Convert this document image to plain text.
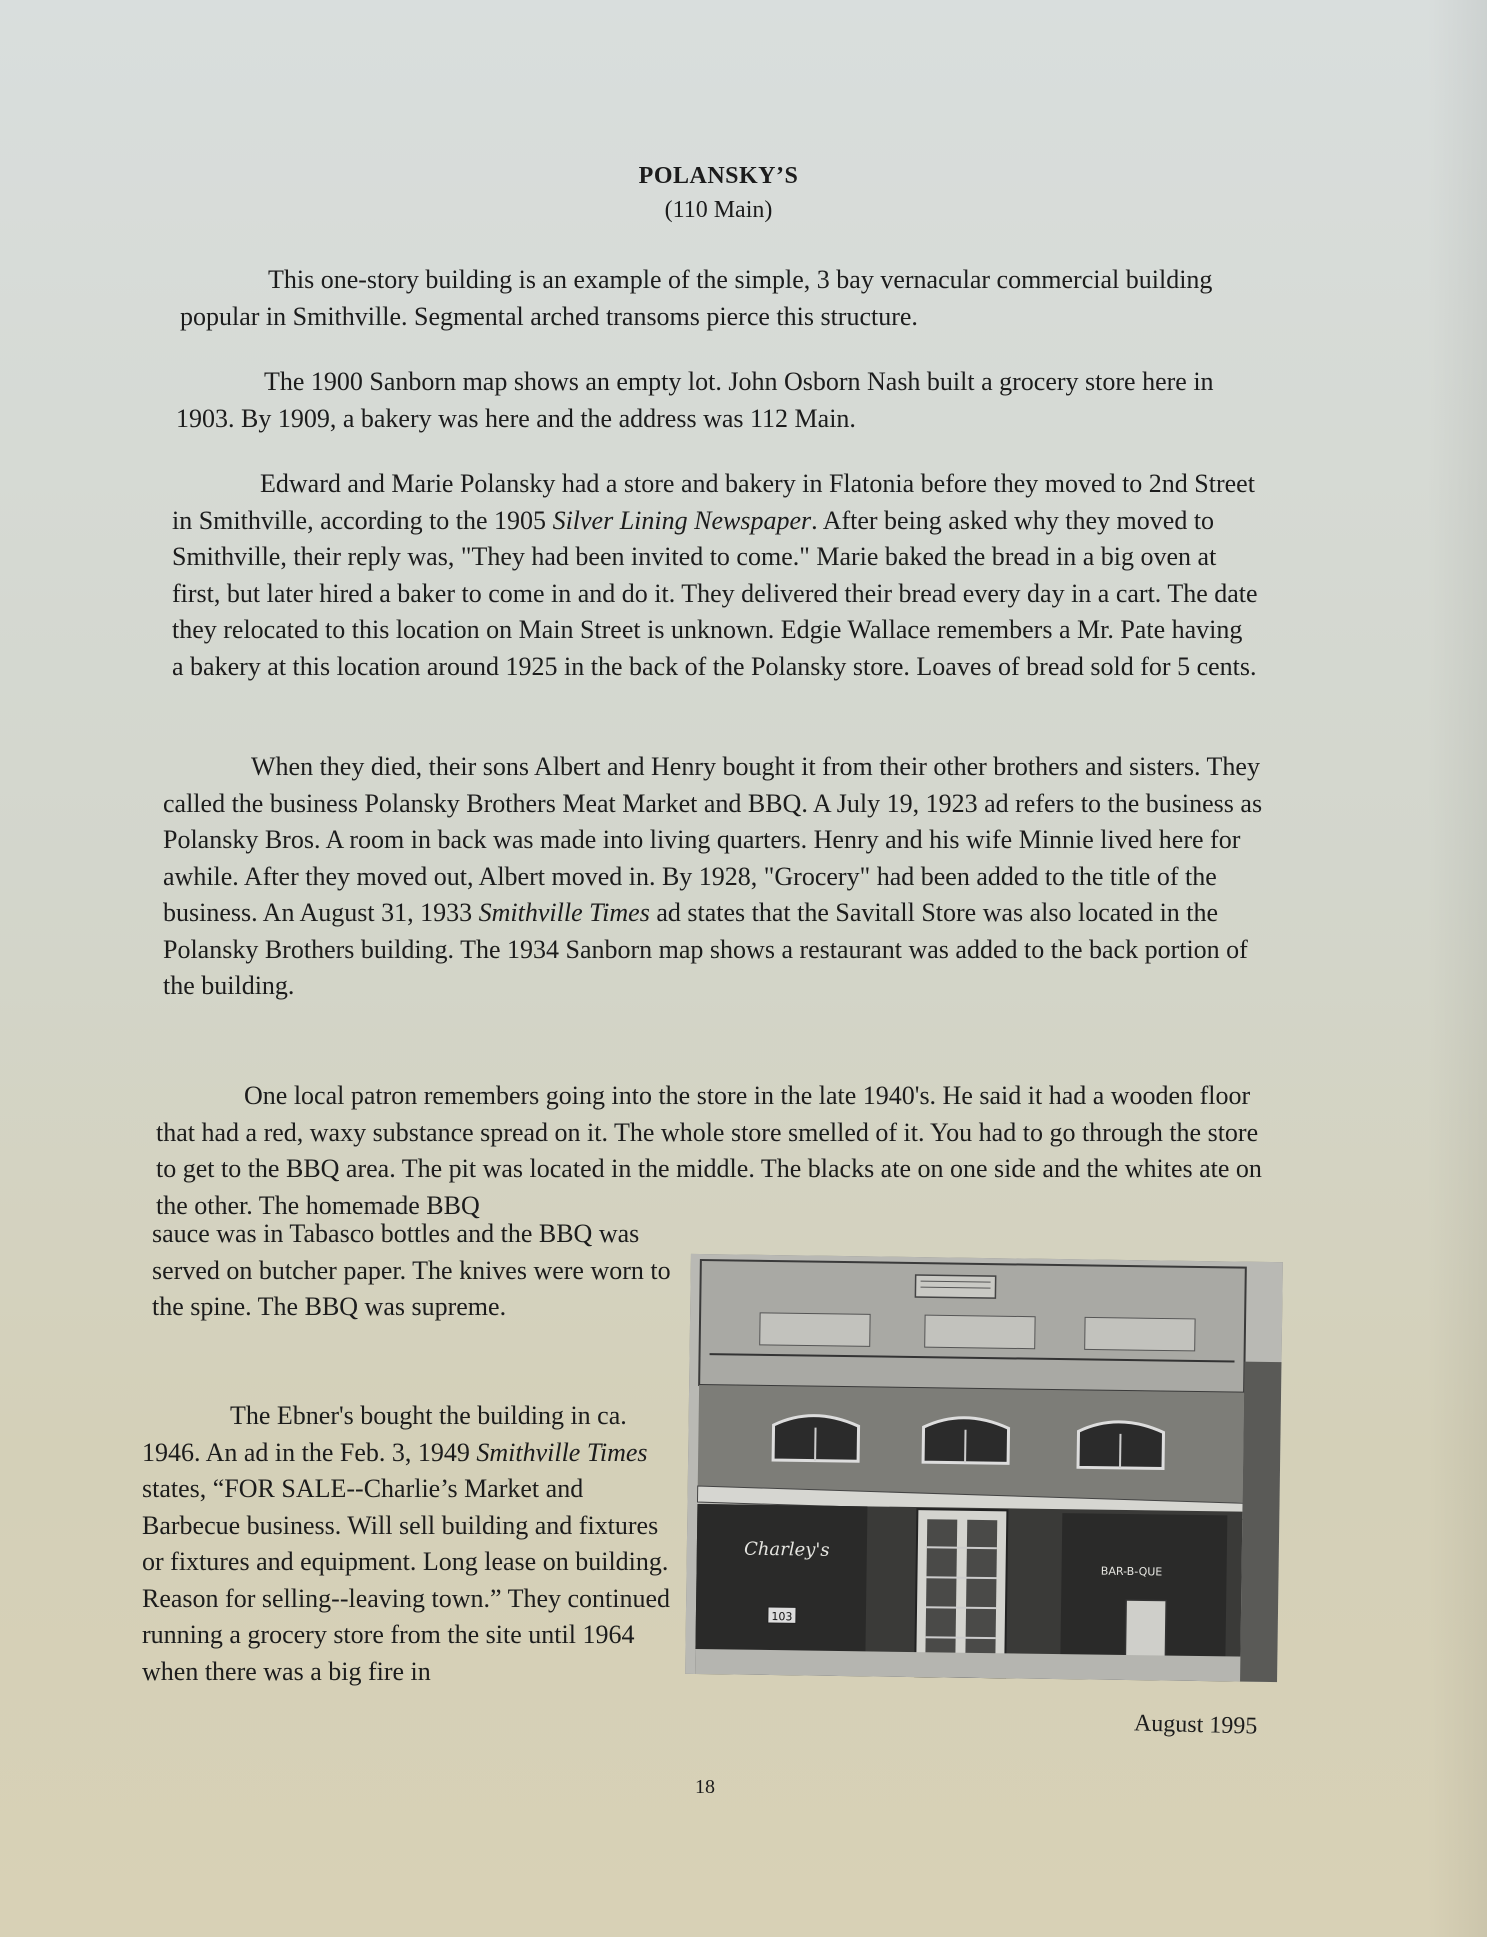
POLANSKY’S
(110 Main)

This one-story building is an example of the simple, 3 bay vernacular commercial building popular in Smithville. Segmental arched transoms pierce this structure.

The 1900 Sanborn map shows an empty lot. John Osborn Nash built a grocery store here in 1903. By 1909, a bakery was here and the address was 112 Main.

Edward and Marie Polansky had a store and bakery in Flatonia before they moved to 2nd Street in Smithville, according to the 1905 Silver Lining Newspaper. After being asked why they moved to Smithville, their reply was, "They had been invited to come." Marie baked the bread in a big oven at first, but later hired a baker to come in and do it. They delivered their bread every day in a cart. The date they relocated to this location on Main Street is unknown. Edgie Wallace remembers a Mr. Pate having a bakery at this location around 1925 in the back of the Polansky store. Loaves of bread sold for 5 cents.

When they died, their sons Albert and Henry bought it from their other brothers and sisters. They called the business Polansky Brothers Meat Market and BBQ. A July 19, 1923 ad refers to the business as Polansky Bros. A room in back was made into living quarters. Henry and his wife Minnie lived here for awhile. After they moved out, Albert moved in. By 1928, "Grocery" had been added to the title of the business. An August 31, 1933 Smithville Times ad states that the Savitall Store was also located in the Polansky Brothers building. The 1934 Sanborn map shows a restaurant was added to the back portion of the building.

One local patron remembers going into the store in the late 1940's. He said it had a wooden floor that had a red, waxy substance spread on it. The whole store smelled of it. You had to go through the store to get to the BBQ area. The pit was located in the middle. The blacks ate on one side and the whites ate on the other. The homemade BBQ

sauce was in Tabasco bottles and the BBQ was served on butcher paper. The knives were worn to the spine. The BBQ was supreme.

The Ebner's bought the building in ca. 1946. An ad in the Feb. 3, 1949 Smithville Times states, “FOR SALE--Charlie’s Market and Barbecue business. Will sell building and fixtures or fixtures and equipment. Long lease on building. Reason for selling--leaving town.” They continued running a grocery store from the site until 1964 when there was a big fire in

Charley's
BAR-B-QUE
103
August 1995
18
